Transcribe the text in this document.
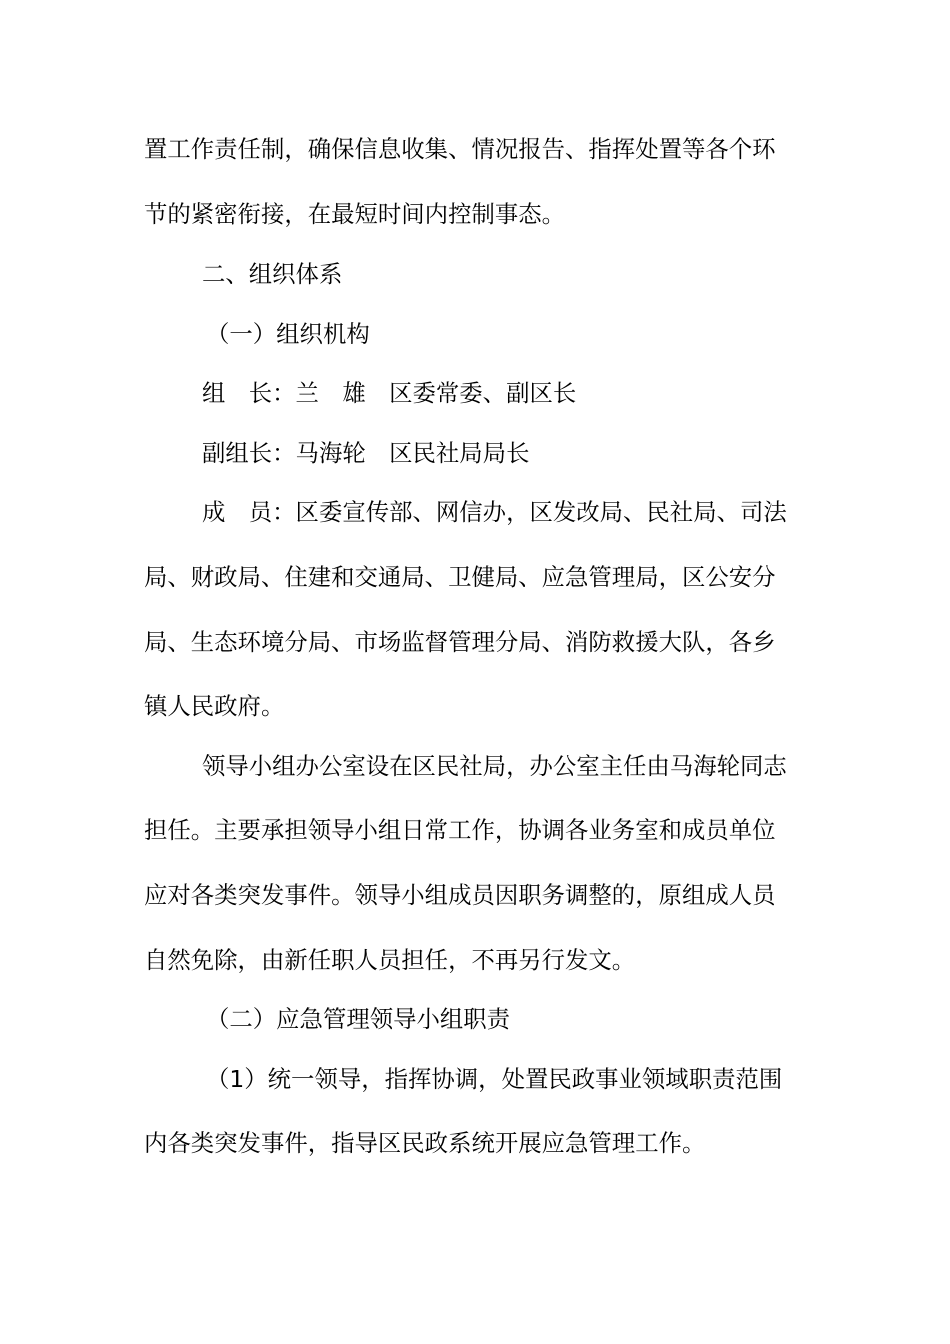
置工作责任制，确保信息收集、情况报告、指挥处置等各个环
节的紧密衔接，在最短时间内控制事态。
二、组织体系
（一）组织机构
组　长：兰　雄　区委常委、副区长
副组长：马海轮　区民社局局长
成　员：区委宣传部、网信办，区发改局、民社局、司法
局、财政局、住建和交通局、卫健局、应急管理局，区公安分
局、生态环境分局、市场监督管理分局、消防救援大队，各乡
镇人民政府。
领导小组办公室设在区民社局，办公室主任由马海轮同志
担任。主要承担领导小组日常工作，协调各业务室和成员单位
应对各类突发事件。领导小组成员因职务调整的，原组成人员
自然免除，由新任职人员担任，不再另行发文。
（二）应急管理领导小组职责
（1）统一领导，指挥协调，处置民政事业领域职责范围
内各类突发事件，指导区民政系统开展应急管理工作。
